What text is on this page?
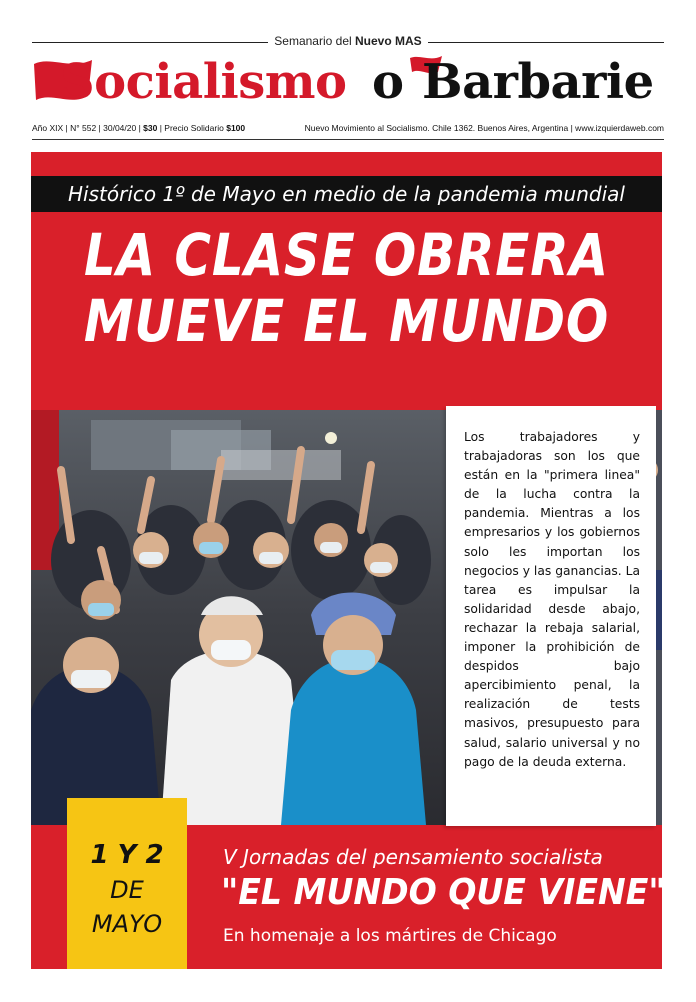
Semanario del Nuevo MAS
Socialismo o Barbarie
Año XIX | N° 552 | 30/04/20 | $30 | Precio Solidario $100	Nuevo Movimiento al Socialismo. Chile 1362. Buenos Aires, Argentina | www.izquierdaweb.com
Histórico 1º de Mayo en medio de la pandemia mundial
LA CLASE OBRERA
MUEVE EL MUNDO

Los trabajadores y trabajadoras son los que están en la "primera linea" de la lucha contra la pandemia. Mientras a los empresarios y los gobiernos solo les importan los negocios y las ganancias. La tarea es impulsar la solidaridad desde abajo, rechazar la rebaja salarial, imponer la prohibición de despidos bajo apercibimiento penal, la realización de tests masivos, presupuesto para salud, salario universal y no pago de la deuda externa.

1 Y 2
DE
MAYO
V Jornadas del pensamiento socialista
"EL MUNDO QUE VIENE"
En homenaje a los mártires de Chicago
